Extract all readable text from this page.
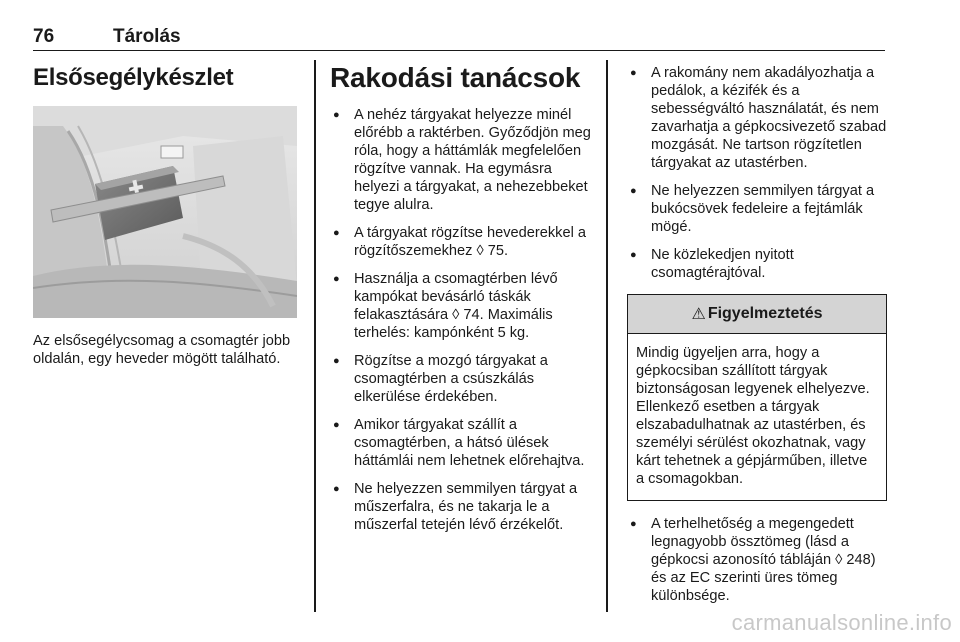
76	Tárolás
Elsősegélykészlet
Az elsősegélycsomag a csomagtér jobb oldalán, egy heveder mögött található.
Rakodási tanácsok
● A nehéz tárgyakat helyezze minél előrébb a raktérben. Győződjön meg róla, hogy a háttámlák megfelelően rögzítve vannak. Ha egymásra helyezi a tárgyakat, a nehezebbeket tegye alulra.
● A tárgyakat rögzítse hevederekkel a rögzítőszemekhez ◊ 75.
● Használja a csomagtérben lévő kampókat bevásárló táskák felakasztására ◊ 74. Maximális terhelés: kampónként 5 kg.
● Rögzítse a mozgó tárgyakat a csomagtérben a csúszkálás elkerülése érdekében.
● Amikor tárgyakat szállít a csomagtérben, a hátsó ülések háttámlái nem lehetnek előrehajtva.
● Ne helyezzen semmilyen tárgyat a műszerfalra, és ne takarja le a műszerfal tetején lévő érzékelőt.
● A rakomány nem akadályozhatja a pedálok, a kézifék és a sebességváltó használatát, és nem zavarhatja a gépkocsivezető szabad mozgását. Ne tartson rögzítetlen tárgyakat az utastérben.
● Ne helyezzen semmilyen tárgyat a bukócsövek fedeleire a fejtámlák mögé.
● Ne közlekedjen nyitott csomagtérajtóval.
⚠ Figyelmeztetés
Mindig ügyeljen arra, hogy a gépkocsiban szállított tárgyak biztonságosan legyenek elhelyezve. Ellenkező esetben a tárgyak elszabadulhatnak az utastérben, és személyi sérülést okozhatnak, vagy kárt tehetnek a gépjárműben, illetve a csomagokban.
● A terhelhetőség a megengedett legnagyobb össztömeg (lásd a gépkocsi azonosító tábláján ◊ 248) és az EC szerinti üres tömeg különbsége.
carmanualsonline.info
